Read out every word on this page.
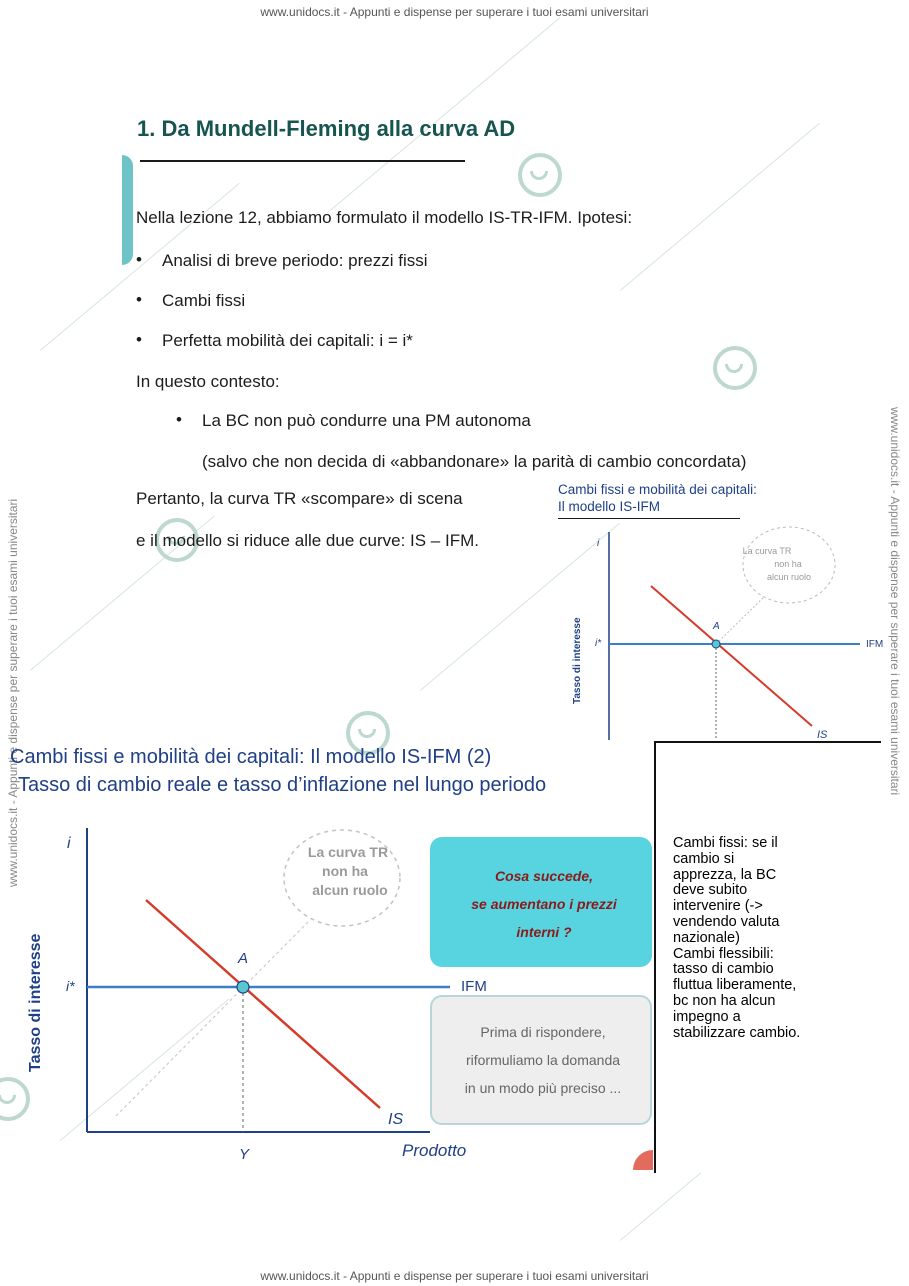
www.unidocs.it - Appunti e dispense per superare i tuoi esami universitari
www.unidocs.it - Appunti e dispense per superare i tuoi esami universitari
www.unidocs.it - Appunti e dispense per superare i tuoi esami universitari	www.unidocs.it - Appunti e dispense per superare i tuoi esami universitari
1. Da Mundell-Fleming alla curva AD
Nella lezione 12, abbiamo formulato il modello IS-TR-IFM. Ipotesi:
• Analisi di breve periodo: prezzi fissi
• Cambi fissi
• Perfetta mobilità dei capitali: i = i*
In questo contesto:
• La BC non può condurre una PM autonoma
(salvo che non decida di «abbandonare» la parità di cambio concordata)
Pertanto, la curva TR «scompare» di scena
e il modello si riduce alle due curve: IS – IFM.
Cambi fissi e mobilità dei capitali:
Il modello IS-IFM
i
i*	IFM
A
IS
Tasso di interesse
La curva TR
non ha
alcun ruolo
Cambi fissi e mobilità dei capitali: Il modello IS-IFM (2)
Tasso di cambio reale e tasso d’inflazione nel lungo periodo
Cambi fissi: se il
cambio si
apprezza, la BC
deve subito
intervenire (->
vendendo valuta
nazionale)
Cambi flessibili:
tasso di cambio
fluttua liberamente,
bc non ha alcun
impegno a
stabilizzare cambio.
i
i*	IFM
A
IS
Y	Prodotto
Tasso di interesse
La curva TR
non ha
alcun ruolo
Cosa succede,
se aumentano i prezzi
interni ?
Prima di rispondere,
riformuliamo la domanda
in un modo più preciso ...
